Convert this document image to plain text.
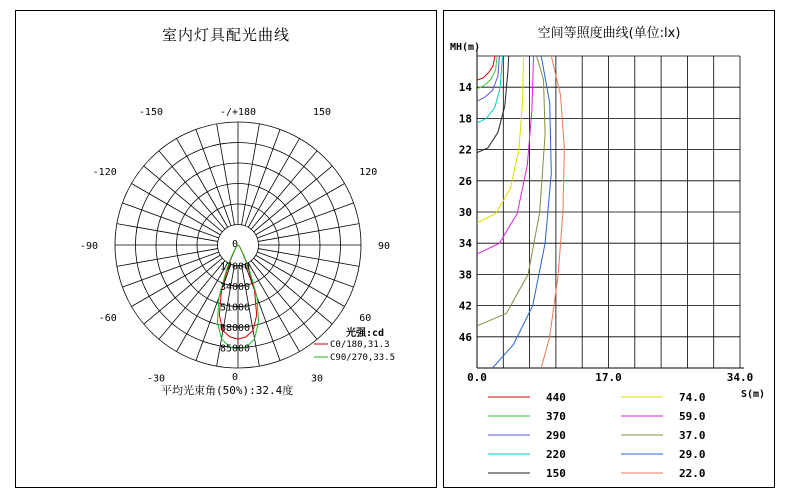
室内灯具配光曲线
-/+180	150
-150
120
-120
90
-90
60
-60
30
-30	0
0
17000
34000
51000
68000
85000
光强:cd
C0/180,31.3
C90/270,33.5
平均光束角(50%):32.4度
空间等照度曲线(单位:lx)
MH(m)
S(m)
14
18
22
26
30
34
38
42
46
0.0	17.0	34.0
440
370
290
220
150
74.0
59.0
37.0
29.0
22.0
